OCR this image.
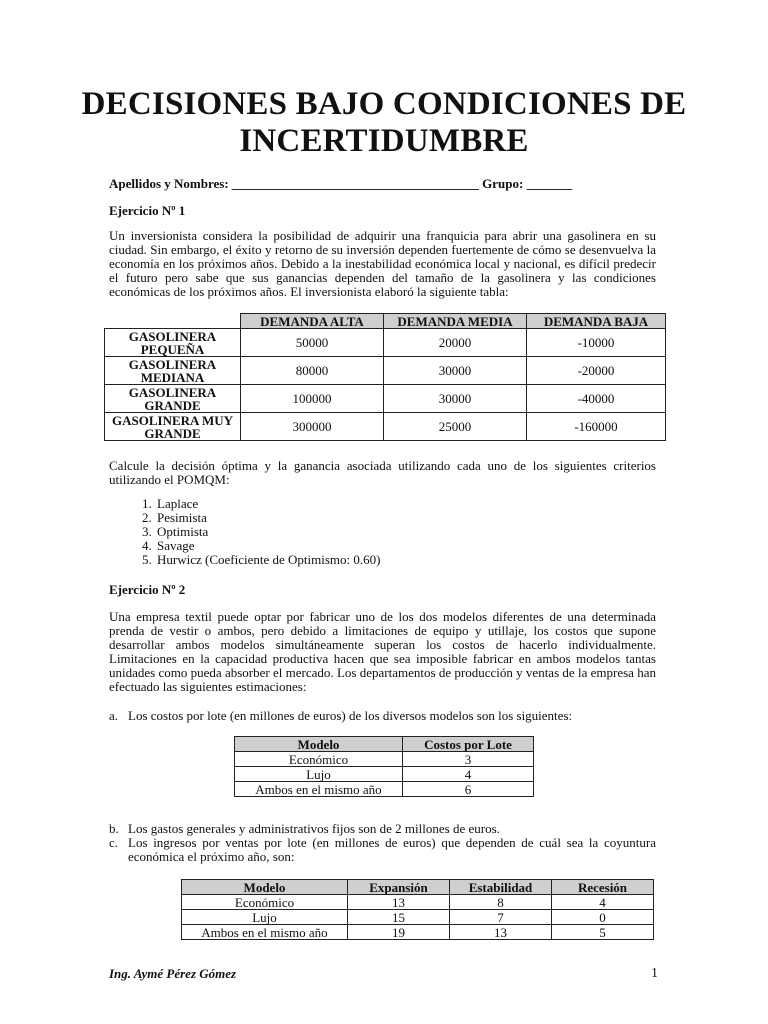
DECISIONES BAJO CONDICIONES DE INCERTIDUMBRE
Apellidos y Nombres: ______________________________________ Grupo: _______
Ejercicio Nº 1
Un inversionista considera la posibilidad de adquirir una franquicia para abrir una gasolinera en su ciudad. Sin embargo, el éxito y retorno de su inversión dependen fuertemente de cómo se desenvuelva la economía en los próximos años. Debido a la inestabilidad económica local y nacional, es difícil predecir el futuro pero sabe que sus ganancias dependen del tamaño de la gasolinera y las condiciones económicas de los próximos años. El inversionista elaboró la siguiente tabla:
	DEMANDA ALTA	DEMANDA MEDIA	DEMANDA BAJA
GASOLINERA PEQUEÑA	50000	20000	-10000
GASOLINERA MEDIANA	80000	30000	-20000
GASOLINERA GRANDE	100000	30000	-40000
GASOLINERA MUY GRANDE	300000	25000	-160000
Calcule la decisión óptima y la ganancia asociada utilizando cada uno de los siguientes criterios utilizando el POMQM:
1. Laplace
2. Pesimista
3. Optimista
4. Savage
5. Hurwicz (Coeficiente de Optimismo: 0.60)
Ejercicio Nº 2
Una empresa textil puede optar por fabricar uno de los dos modelos diferentes de una determinada prenda de vestir o ambos, pero debido a limitaciones de equipo y utillaje, los costos que supone desarrollar ambos modelos simultáneamente superan los costos de hacerlo individualmente. Limitaciones en la capacidad productiva hacen que sea imposible fabricar en ambos modelos tantas unidades como pueda absorber el mercado. Los departamentos de producción y ventas de la empresa han efectuado las siguientes estimaciones:
a. Los costos por lote (en millones de euros) de los diversos modelos son los siguientes:
Modelo	Costos por Lote
Económico	3
Lujo	4
Ambos en el mismo año	6
b. Los gastos generales y administrativos fijos son de 2 millones de euros.
c. Los ingresos por ventas por lote (en millones de euros) que dependen de cuál sea la coyuntura económica el próximo año, son:
Modelo	Expansión	Estabilidad	Recesión
Económico	13	8	4
Lujo	15	7	0
Ambos en el mismo año	19	13	5
Ing. Aymé Pérez Gómez	1
